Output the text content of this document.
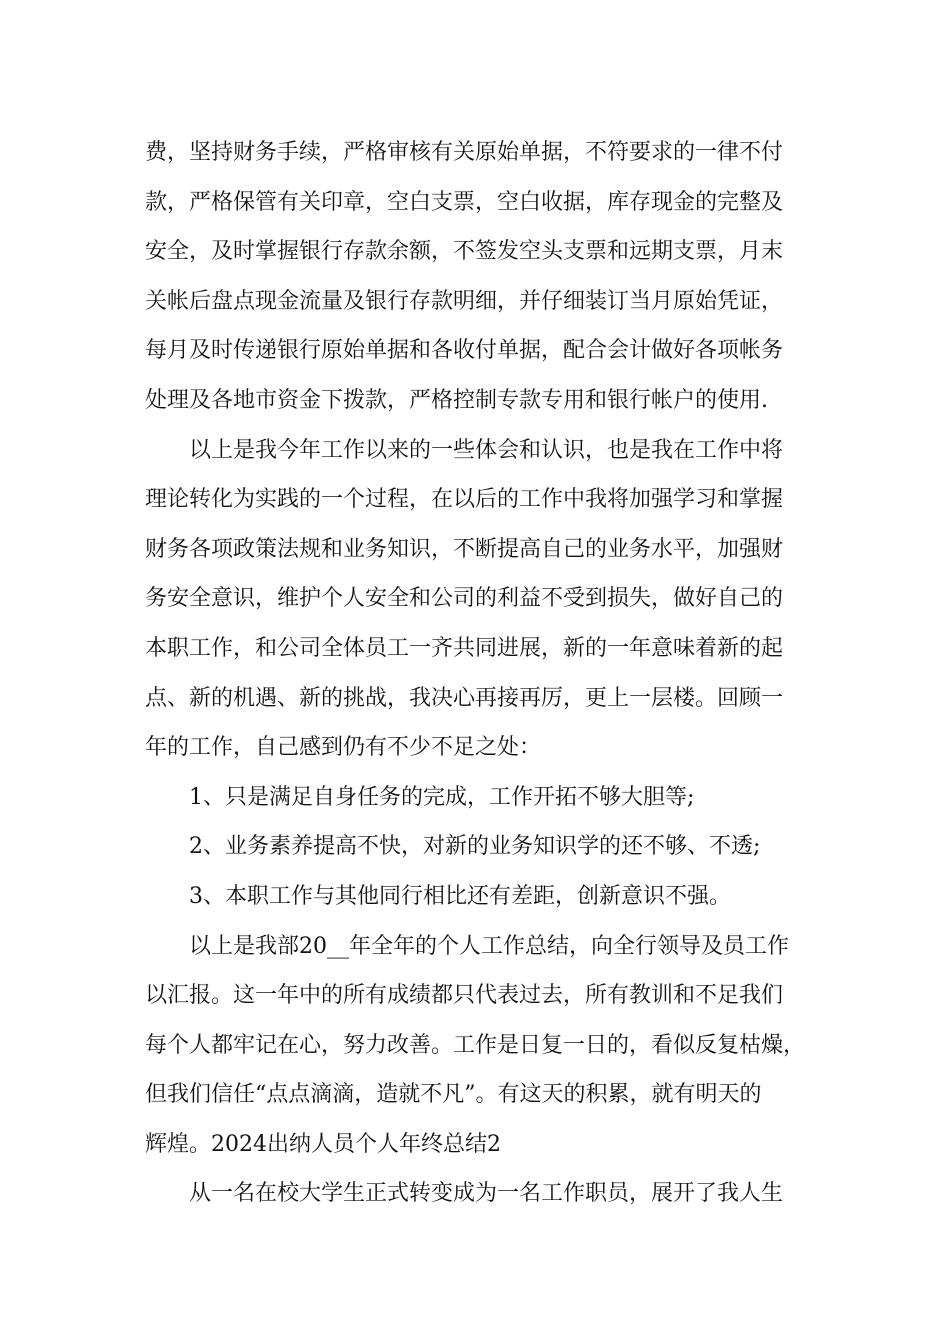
费，坚持财务手续，严格审核有关原始单据，不符要求的一律不付
款，严格保管有关印章，空白支票，空白收据，库存现金的完整及
安全，及时掌握银行存款余额，不签发空头支票和远期支票，月末
关帐后盘点现金流量及银行存款明细，并仔细装订当月原始凭证，
每月及时传递银行原始单据和各收付单据，配合会计做好各项帐务
处理及各地市资金下拨款，严格控制专款专用和银行帐户的使用.
以上是我今年工作以来的一些体会和认识，也是我在工作中将
理论转化为实践的一个过程，在以后的工作中我将加强学习和掌握
财务各项政策法规和业务知识，不断提高自己的业务水平，加强财
务安全意识，维护个人安全和公司的利益不受到损失，做好自己的
本职工作，和公司全体员工一齐共同进展，新的一年意味着新的起
点、新的机遇、新的挑战，我决心再接再厉，更上一层楼。回顾一
年的工作，自己感到仍有不少不足之处：
1、只是满足自身任务的完成，工作开拓不够大胆等;
2、业务素养提高不快，对新的业务知识学的还不够、不透;
3、本职工作与其他同行相比还有差距，创新意识不强。
以上是我部20__年全年的个人工作总结，向全行领导及员工作
以汇报。这一年中的所有成绩都只代表过去，所有教训和不足我们
每个人都牢记在心，努力改善。工作是日复一日的，看似反复枯燥，
但我们信任“点点滴滴，造就不凡”。有这天的积累，就有明天的
辉煌。2024出纳人员个人年终总结2
从一名在校大学生正式转变成为一名工作职员，展开了我人生
